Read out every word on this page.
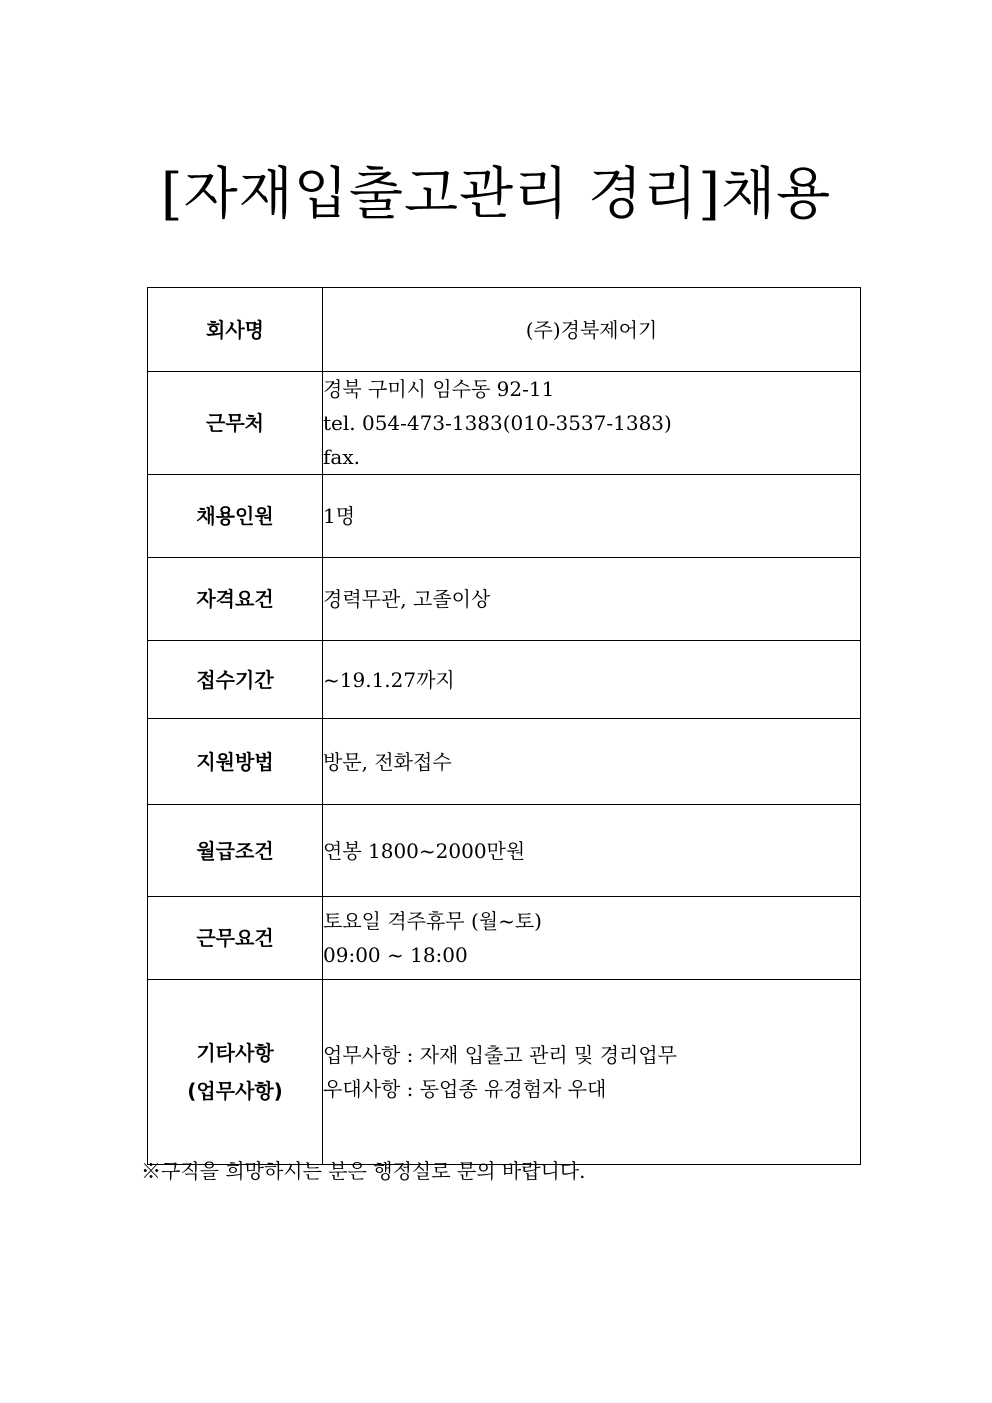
[자재입출고관리 경리]채용
회사명	(주)경북제어기

근무처	경북 구미시 임수동 92-11
tel. 054-473-1383(010-3537-1383)
fax.

채용인원	1명

자격요건	경력무관, 고졸이상

접수기간	~19.1.27까지

지원방법	방문, 전화접수

월급조건	연봉 1800~2000만원

근무요건	토요일 격주휴무 (월~토)
09:00 ~ 18:00

기타사항
(업무사항)	업무사항 : 자재 입출고 관리 및 경리업무
우대사항 : 동업종 유경험자 우대
※구직을 희망하시는 분은 행정실로 문의 바랍니다.
